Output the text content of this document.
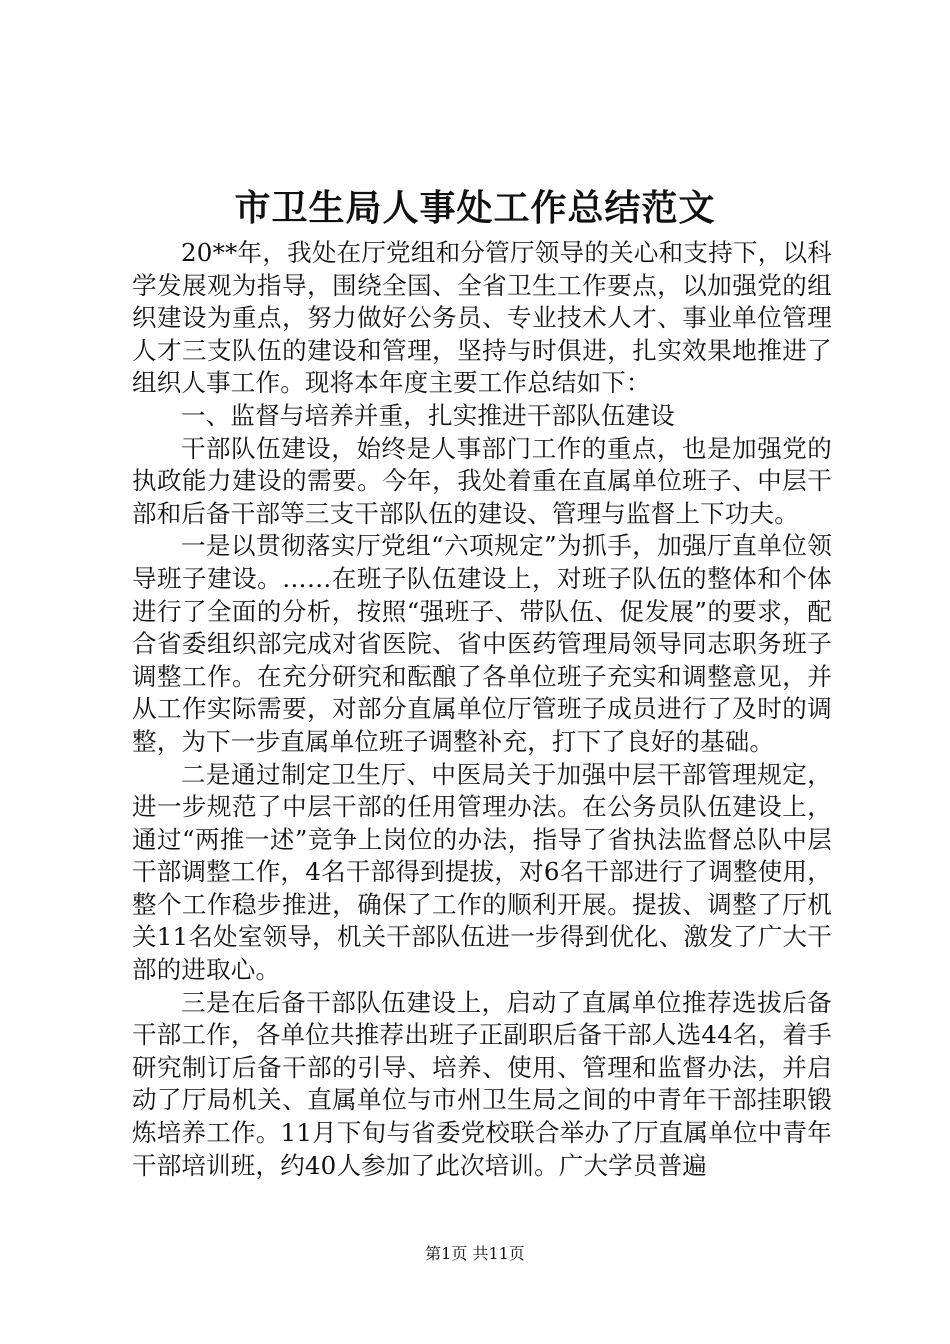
市卫生局人事处工作总结范文

20**年，我处在厅党组和分管厅领导的关心和支持下，以科学发展观为指导，围绕全国、全省卫生工作要点，以加强党的组织建设为重点，努力做好公务员、专业技术人才、事业单位管理人才三支队伍的建设和管理，坚持与时俱进，扎实效果地推进了组织人事工作。现将本年度主要工作总结如下：

一、监督与培养并重，扎实推进干部队伍建设

干部队伍建设，始终是人事部门工作的重点，也是加强党的执政能力建设的需要。今年，我处着重在直属单位班子、中层干部和后备干部等三支干部队伍的建设、管理与监督上下功夫。

一是以贯彻落实厅党组“六项规定”为抓手，加强厅直单位领导班子建设。……在班子队伍建设上，对班子队伍的整体和个体进行了全面的分析，按照“强班子、带队伍、促发展”的要求，配合省委组织部完成对省医院、省中医药管理局领导同志职务班子调整工作。在充分研究和酝酿了各单位班子充实和调整意见，并从工作实际需要，对部分直属单位厅管班子成员进行了及时的调整，为下一步直属单位班子调整补充，打下了良好的基础。

二是通过制定卫生厅、中医局关于加强中层干部管理规定，进一步规范了中层干部的任用管理办法。在公务员队伍建设上，通过“两推一述”竞争上岗位的办法，指导了省执法监督总队中层干部调整工作，4名干部得到提拔，对6名干部进行了调整使用，整个工作稳步推进，确保了工作的顺利开展。提拔、调整了厅机关11名处室领导，机关干部队伍进一步得到优化、激发了广大干部的进取心。

三是在后备干部队伍建设上，启动了直属单位推荐选拔后备干部工作，各单位共推荐出班子正副职后备干部人选44名，着手研究制订后备干部的引导、培养、使用、管理和监督办法，并启动了厅局机关、直属单位与市州卫生局之间的中青年干部挂职锻炼培养工作。11月下旬与省委党校联合举办了厅直属单位中青年干部培训班，约40人参加了此次培训。广大学员普遍

第1页 共11页
